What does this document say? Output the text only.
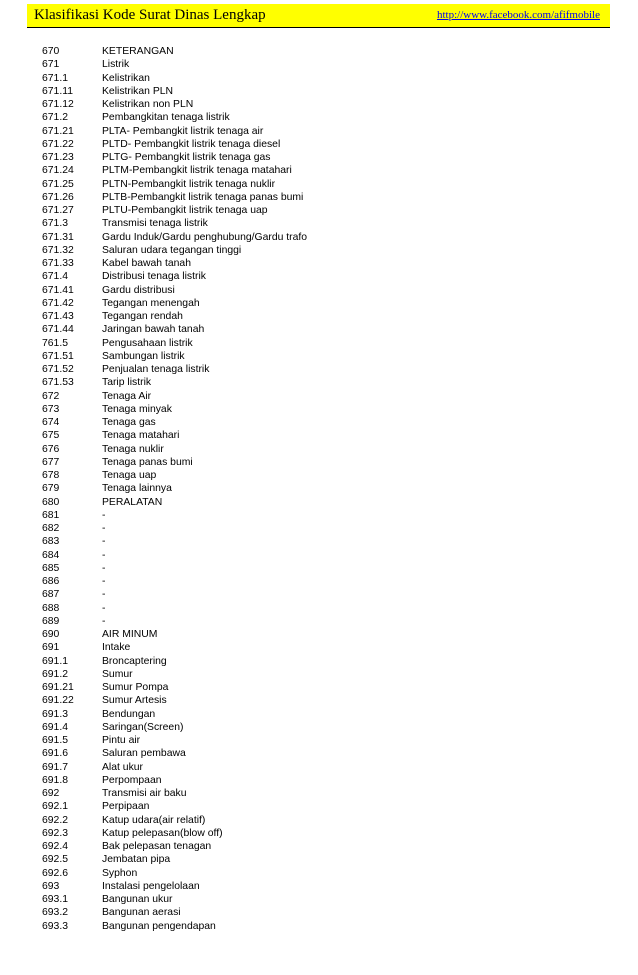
Klasifikasi Kode Surat Dinas Lengkap	http://www.facebook.com/afifmobile
670	KETERANGAN
671	Listrik
671.1	Kelistrikan
671.11	Kelistrikan PLN
671.12	Kelistrikan non PLN
671.2	Pembangkitan tenaga listrik
671.21	PLTA- Pembangkit listrik tenaga air
671.22	PLTD- Pembangkit listrik tenaga diesel
671.23	PLTG- Pembangkit listrik tenaga gas
671.24	PLTM-Pembangkit listrik tenaga matahari
671.25	PLTN-Pembangkit listrik tenaga nuklir
671.26	PLTB-Pembangkit listrik tenaga panas bumi
671.27	PLTU-Pembangkit listrik tenaga uap
671.3	Transmisi tenaga listrik
671.31	Gardu Induk/Gardu penghubung/Gardu trafo
671.32	Saluran udara tegangan tinggi
671.33	Kabel bawah tanah
671.4	Distribusi tenaga listrik
671.41	Gardu distribusi
671.42	Tegangan menengah
671.43	Tegangan rendah
671.44	Jaringan bawah tanah
761.5	Pengusahaan listrik
671.51	Sambungan listrik
671.52	Penjualan tenaga listrik
671.53	Tarip listrik
672	Tenaga Air
673	Tenaga minyak
674	Tenaga gas
675	Tenaga matahari
676	Tenaga nuklir
677	Tenaga panas bumi
678	Tenaga uap
679	Tenaga lainnya
680	PERALATAN
681	-
682	-
683	-
684	-
685	-
686	-
687	-
688	-
689	-
690	AIR MINUM
691	Intake
691.1	Broncaptering
691.2	Sumur
691.21	Sumur Pompa
691.22	Sumur Artesis
691.3	Bendungan
691.4	Saringan(Screen)
691.5	Pintu air
691.6	Saluran pembawa
691.7	Alat ukur
691.8	Perpompaan
692	Transmisi air baku
692.1	Perpipaan
692.2	Katup udara(air relatif)
692.3	Katup pelepasan(blow off)
692.4	Bak pelepasan tenagan
692.5	Jembatan pipa
692.6	Syphon
693	Instalasi pengelolaan
693.1	Bangunan ukur
693.2	Bangunan aerasi
693.3	Bangunan pengendapan
